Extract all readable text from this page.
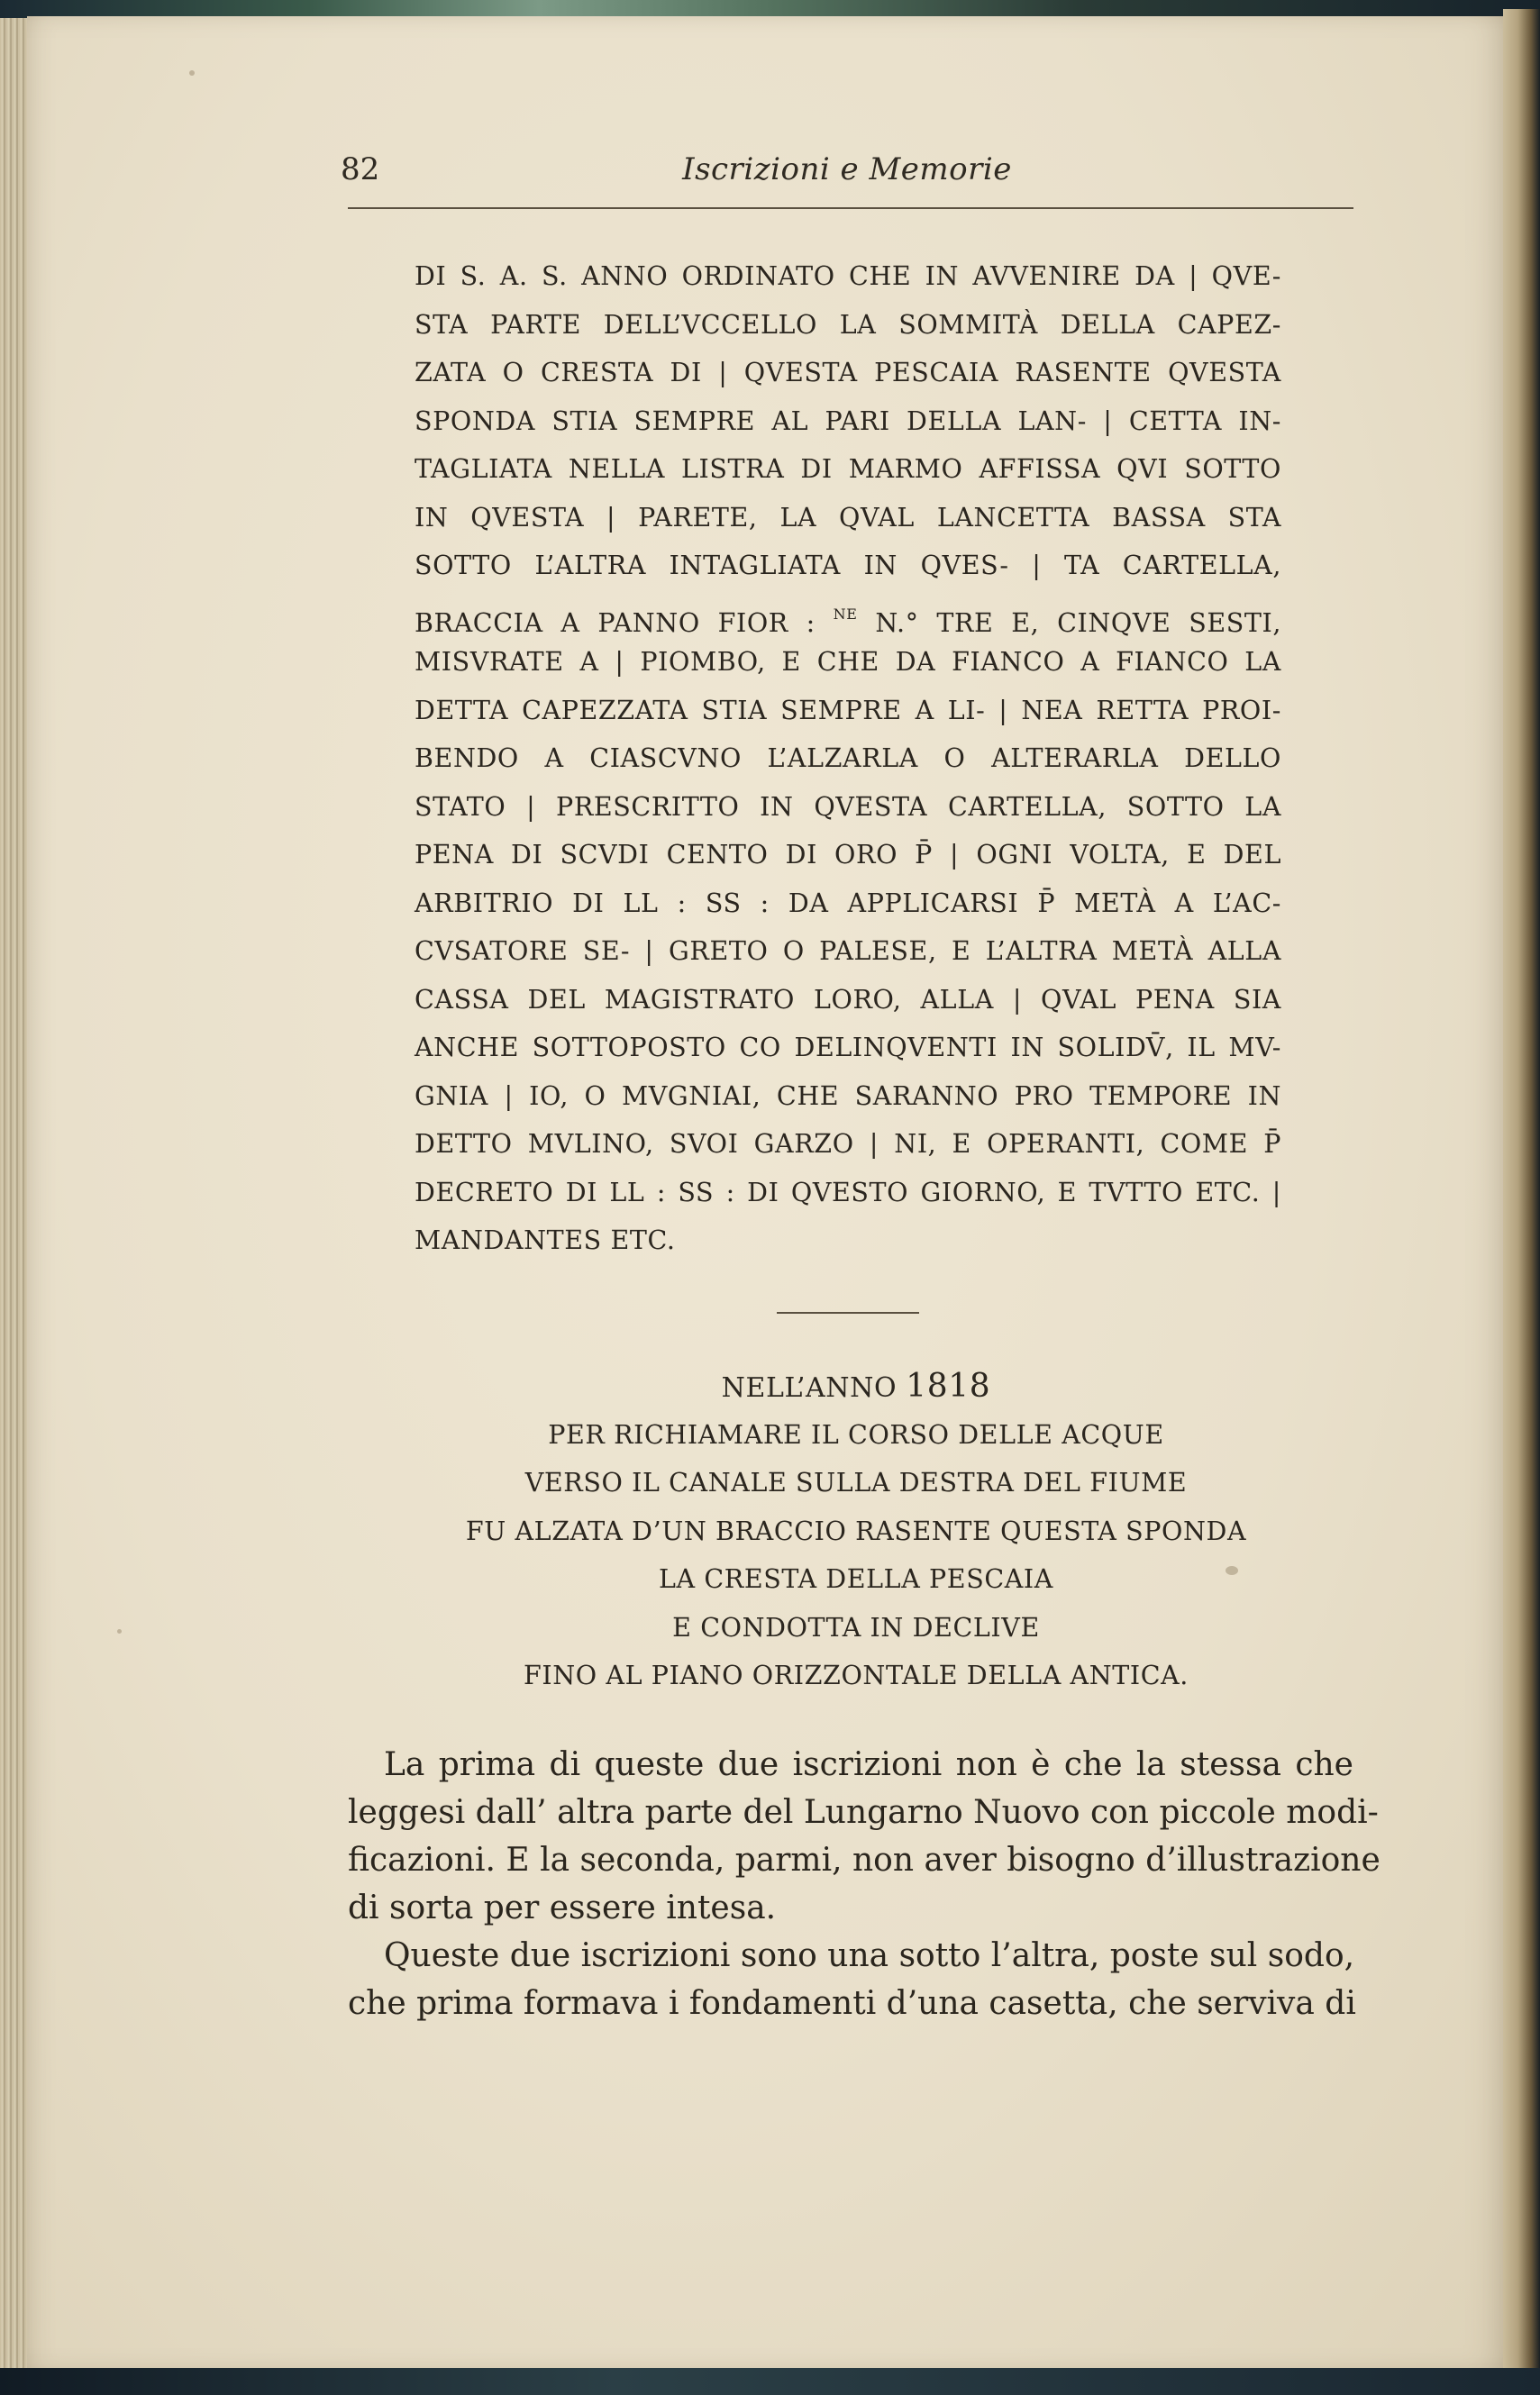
82	Iscrizioni e Memorie
DI S. A. S. ANNO ORDINATO CHE IN AVVENIRE DA | QVE-
STA PARTE DELL’VCCELLO LA SOMMITÀ DELLA CAPEZ-
ZATA O CRESTA DI | QVESTA PESCAIA RASENTE QVESTA
SPONDA STIA SEMPRE AL PARI DELLA LAN- | CETTA IN-
TAGLIATA NELLA LISTRA DI MARMO AFFISSA QVI SOTTO
IN QVESTA | PARETE, LA QVAL LANCETTA BASSA STA
SOTTO L’ALTRA INTAGLIATA IN QVES- | TA CARTELLA,
BRACCIA A PANNO FIOR : $^{NE}$ N.° TRE E, CINQVE SESTI,
MISVRATE A | PIOMBO, E CHE DA FIANCO A FIANCO LA
DETTA CAPEZZATA STIA SEMPRE A LI- | NEA RETTA PROI-
BENDO A CIASCVNO L’ALZARLA O ALTERARLA DELLO
STATO | PRESCRITTO IN QVESTA CARTELLA, SOTTO LA
PENA DI SCVDI CENTO DI ORO P̄ | OGNI VOLTA, E DEL
ARBITRIO DI LL : SS : DA APPLICARSI P̄ METÀ A L’AC-
CVSATORE SE- | GRETO O PALESE, E L’ALTRA METÀ ALLA
CASSA DEL MAGISTRATO LORO, ALLA | QVAL PENA SIA
ANCHE SOTTOPOSTO CO DELINQVENTI IN SOLIDV̄, IL MV-
GNIA | IO, O MVGNIAI, CHE SARANNO PRO TEMPORE IN
DETTO MVLINO, SVOI GARZO | NI, E OPERANTI, COME P̄
DECRETO DI LL : SS : DI QVESTO GIORNO, E TVTTO ETC. |
MANDANTES ETC.
NELL’ANNO 1818
PER RICHIAMARE IL CORSO DELLE ACQUE
VERSO IL CANALE SULLA DESTRA DEL FIUME
FU ALZATA D’UN BRACCIO RASENTE QUESTA SPONDA
LA CRESTA DELLA PESCAIA
E CONDOTTA IN DECLIVE
FINO AL PIANO ORIZZONTALE DELLA ANTICA.
La prima di queste due iscrizioni non è che la stessa che
leggesi dall’ altra parte del Lungarno Nuovo con piccole modi-
ficazioni. E la seconda, parmi, non aver bisogno d’illustrazione
di sorta per essere intesa.
Queste due iscrizioni sono una sotto l’altra, poste sul sodo,
che prima formava i fondamenti d’una casetta, che serviva di
